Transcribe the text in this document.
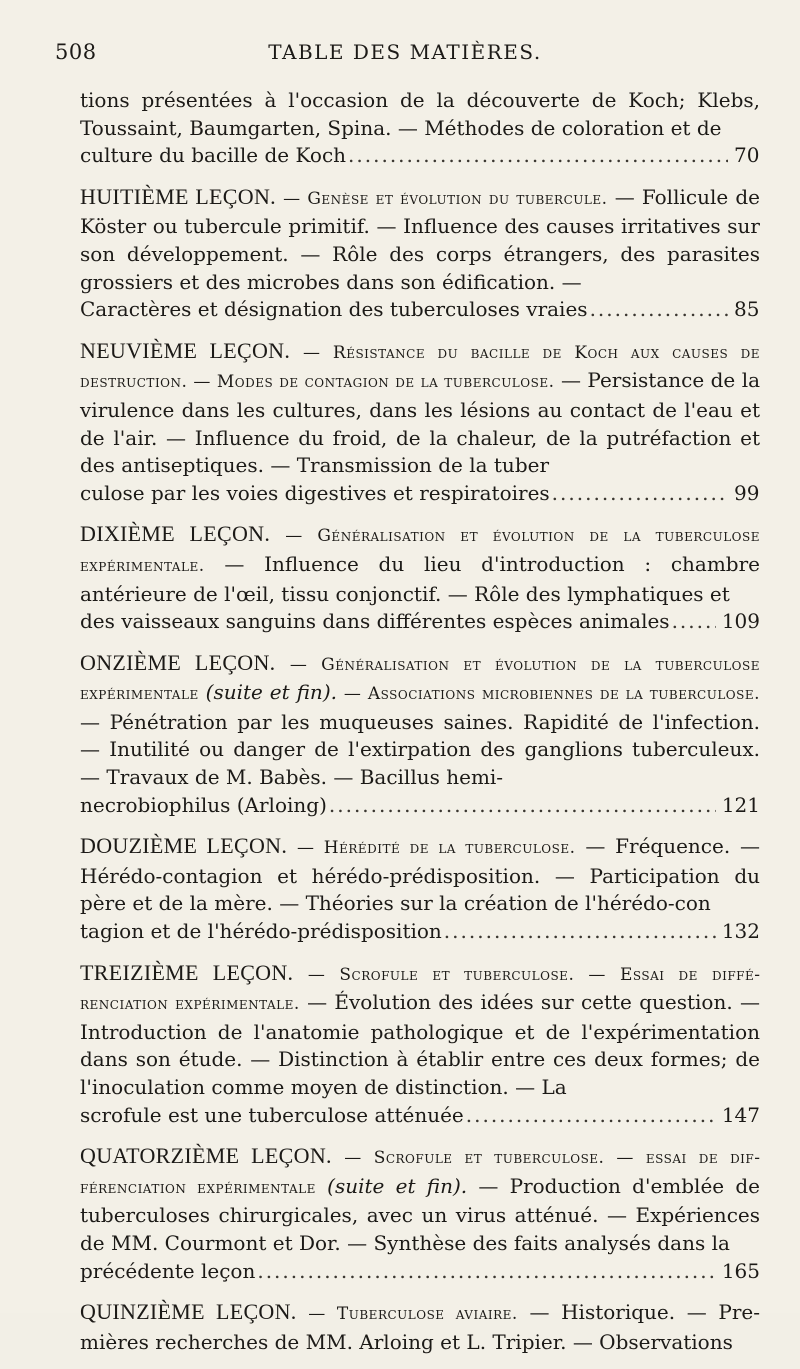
508	TABLE DES MATIÈRES.

tions présentées à l'occasion de la découverte de Koch; Klebs, Toussaint, Baumgarten, Spina. — Méthodes de coloration et de

culture du bacille de Koch .....	70

HUITIÈME LEÇON. — Genèse et évolution du tubercule. — Follicule de Köster ou tubercule primitif. — Influence des causes irritatives sur son développement. — Rôle des corps étrangers, des parasites grossiers et des microbes dans son édification. —

Caractères et désignation des tuberculoses vraies .....	85

NEUVIÈME LEÇON. — Résistance du bacille de Koch aux causes de destruction. — Modes de contagion de la tuberculose. — Persistance de la virulence dans les cultures, dans les lésions au contact de l'eau et de l'air. — Influence du froid, de la chaleur, de la putréfaction et des antiseptiques. — Transmission de la tuber

culose par les voies digestives et respiratoires .....	99

DIXIÈME LEÇON. — Généralisation et évolution de la tuberculose expérimentale. — Influence du lieu d'introduction : chambre antérieure de l'œil, tissu conjonctif. — Rôle des lymphatiques et

des vaisseaux sanguins dans différentes espèces animales .....	109

ONZIÈME LEÇON. — Généralisation et évolution de la tuberculose expérimentale (suite et fin). — Associations microbiennes de la tuberculose. — Pénétration par les muqueuses saines. Rapidité de l'infection. — Inutilité ou danger de l'extirpation des ganglions tuberculeux. — Travaux de M. Babès. — Bacillus hemi-

necrobiophilus (Arloing) .....	121

DOUZIÈME LEÇON. — Hérédité de la tuberculose. — Fréquence. — Hérédo-contagion et hérédo-prédisposition. — Participation du père et de la mère. — Théories sur la création de l'hérédo-con

tagion et de l'hérédo-prédisposition .....	132

TREIZIÈME LEÇON. — Scrofule et tuberculose. — Essai de différenciation expérimentale. — Évolution des idées sur cette question. — Introduction de l'anatomie pathologique et de l'expérimentation dans son étude. — Distinction à établir entre ces deux formes; de l'inoculation comme moyen de distinction. — La

scrofule est une tuberculose atténuée .....	147

QUATORZIÈME LEÇON. — Scrofule et tuberculose. — essai de différenciation expérimentale (suite et fin). — Production d'emblée de tuberculoses chirurgicales, avec un virus atténué. — Expériences de MM. Courmont et Dor. — Synthèse des faits analysés dans la

précédente leçon .....	165

QUINZIÈME LEÇON. — Tuberculose aviaire. — Historique. — Premières recherches de MM. Arloing et L. Tripier. — Observations
